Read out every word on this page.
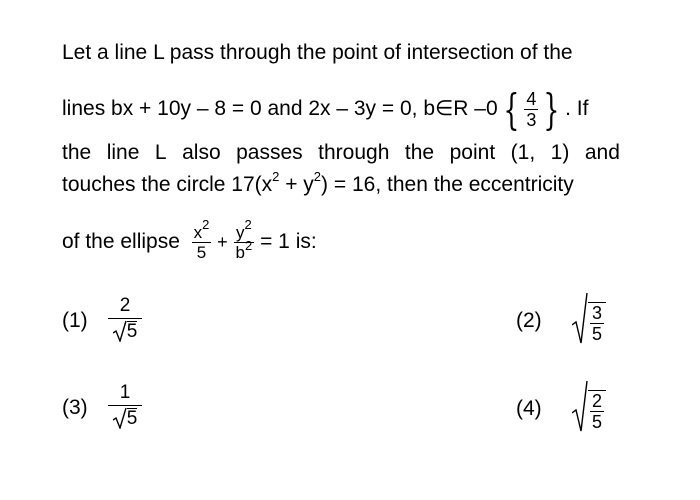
Let a line L pass through the point of intersection of the
lines bx + 10y – 8 = 0 and 2x – 3y = 0, b∈R –0 { $\frac{4}{3}$ } . If
the line L also passes through the point (1, 1) and
touches the circle $17(x^2 + y^2) = 16$, then the eccentricity
of the ellipse $\frac{x^2}{5} + \frac{y^2}{b^2} = 1$ is:
(1)
2
5	(2)	3
5
(3)
1
5	(4)	2
5
